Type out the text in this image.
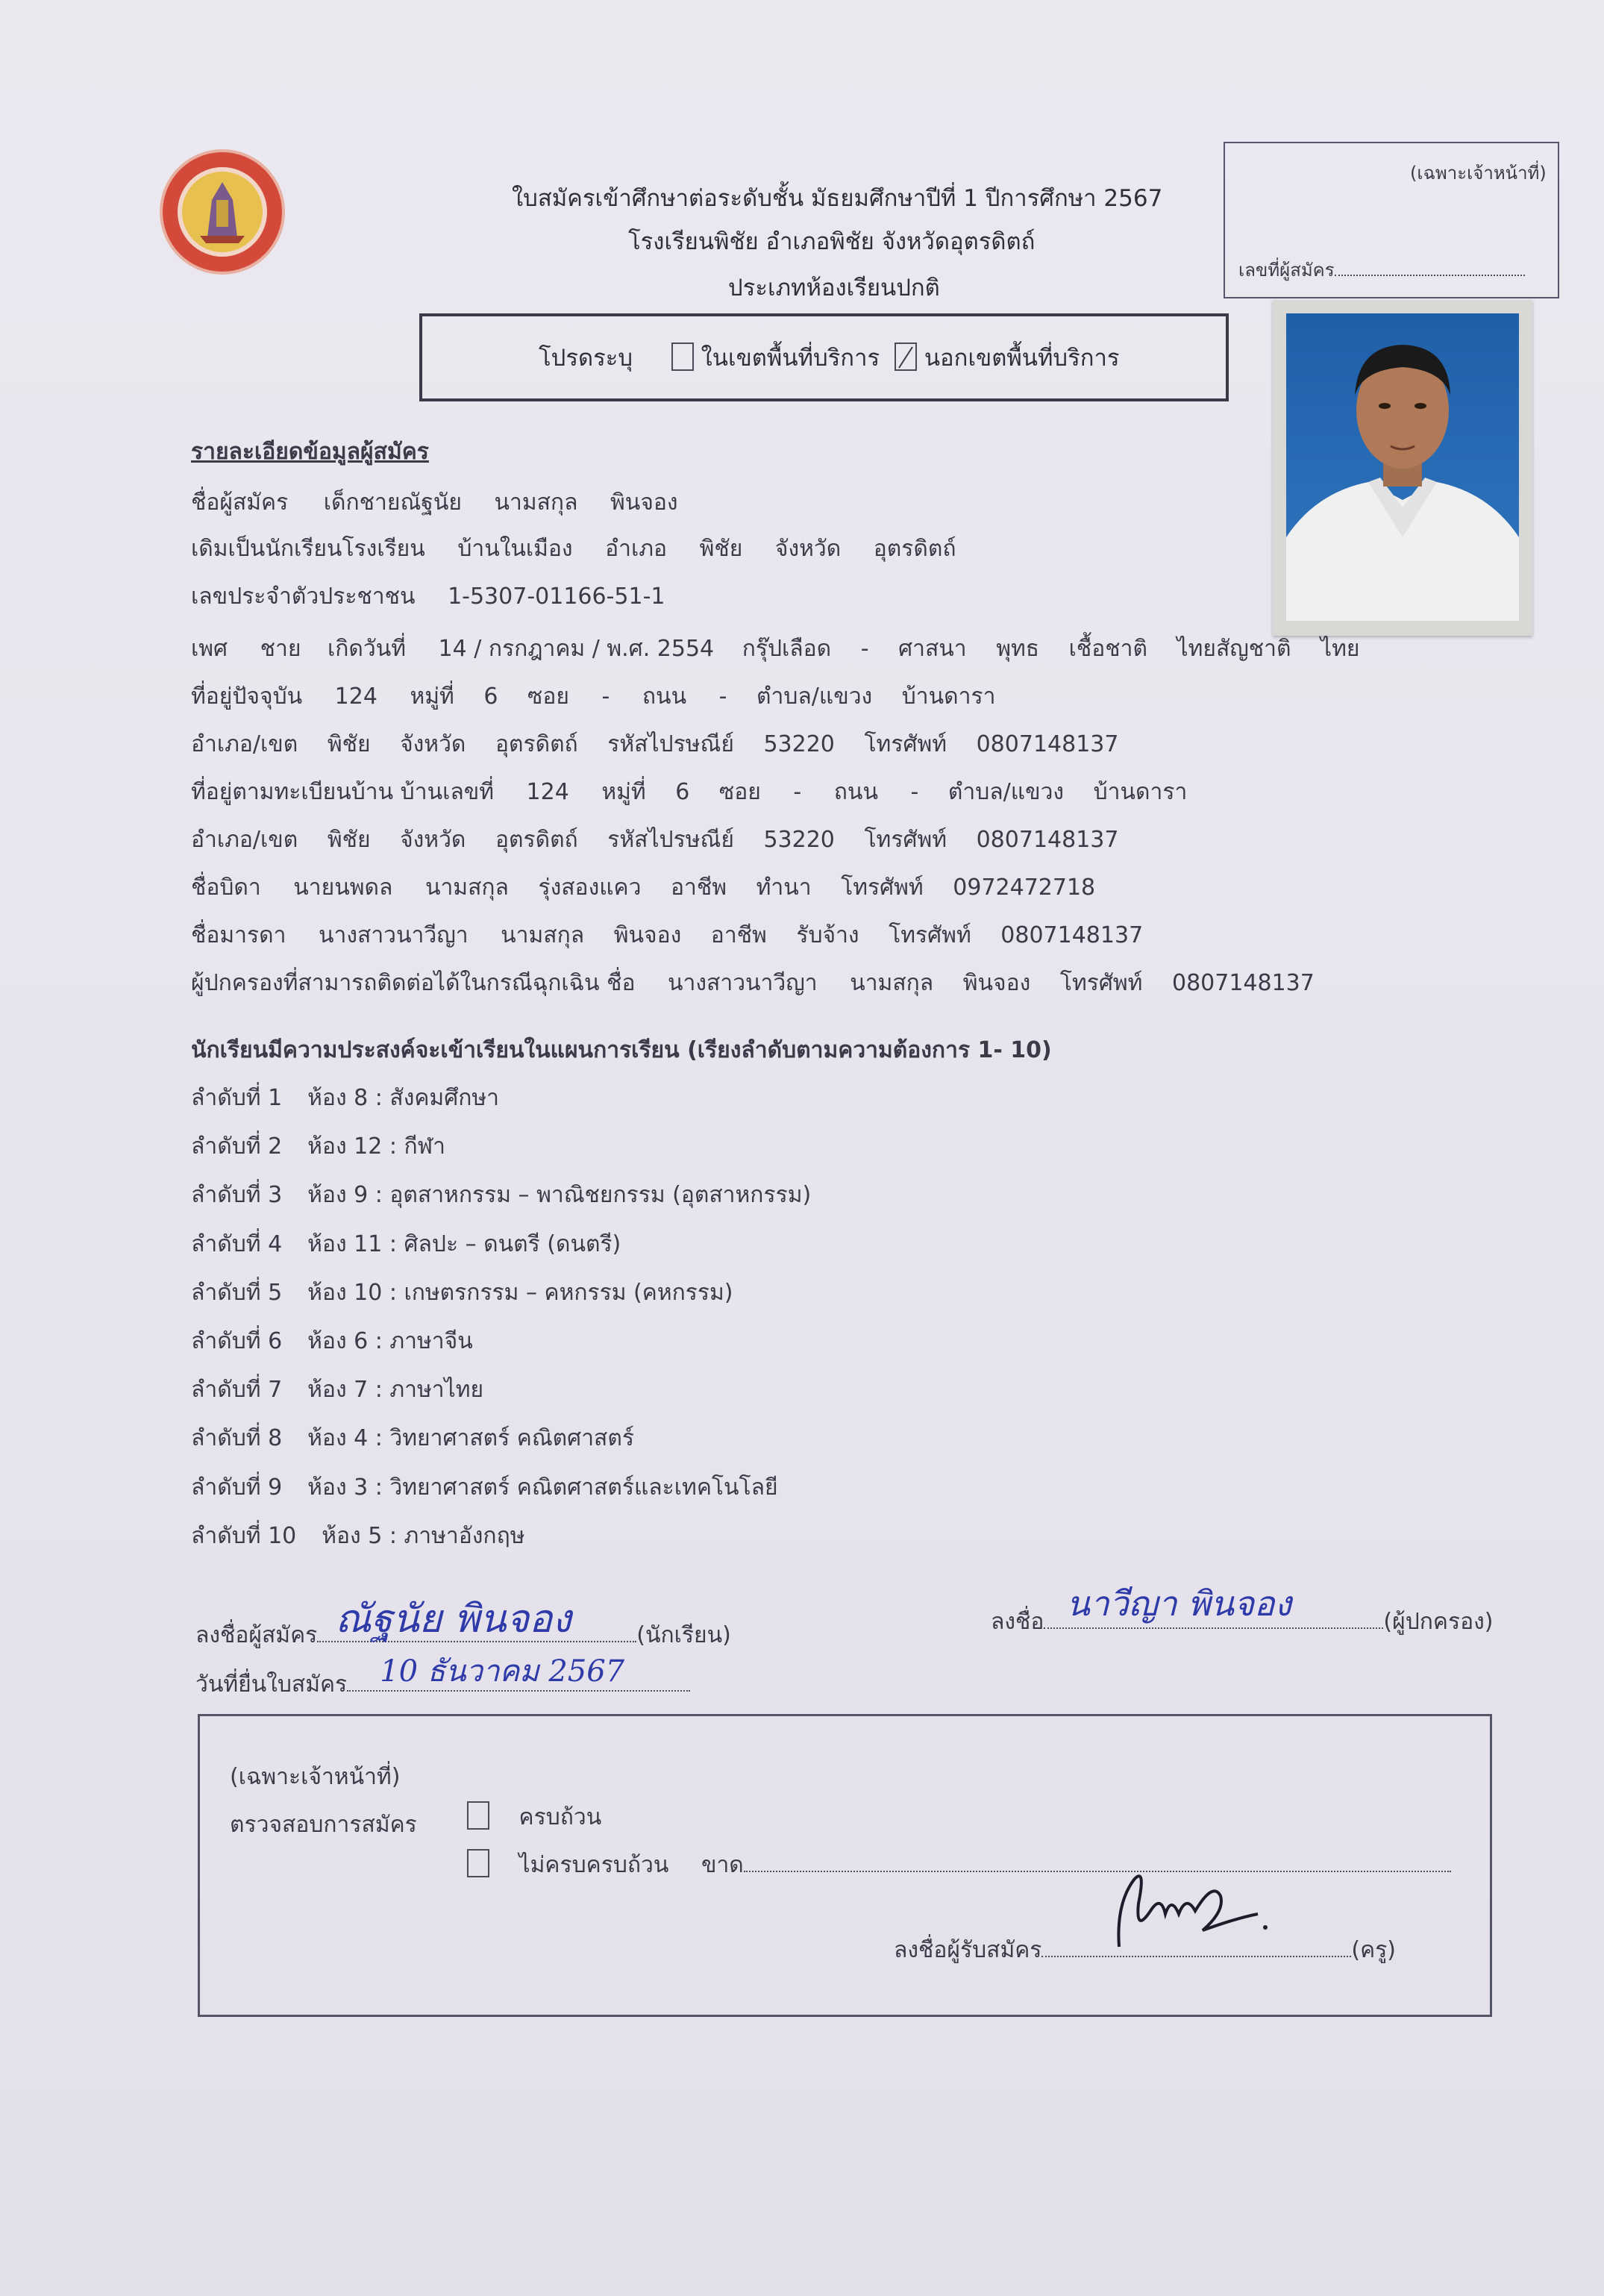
ใบสมัครเข้าศึกษาต่อระดับชั้น มัธยมศึกษาปีที่ 1 ปีการศึกษา 2567
โรงเรียนพิชัย อำเภอพิชัย จังหวัดอุตรดิตถ์
ประเภทห้องเรียนปกติ
(เฉพาะเจ้าหน้าที่)
เลขที่ผู้สมัคร
โปรดระบุ	ในเขตพื้นที่บริการ นอกเขตพื้นที่บริการ
รายละเอียดข้อมูลผู้สมัคร
ชื่อผู้สมัคร เด็กชายณัฐนัย นามสกุล พินจอง
เดิมเป็นนักเรียนโรงเรียน บ้านในเมือง อำเภอ พิชัย จังหวัด อุตรดิตถ์
เลขประจำตัวประชาชน 1-5307-01166-51-1
เพศ ชาย เกิดวันที่ 14 / กรกฎาคม / พ.ศ. 2554 กรุ๊ปเลือด - ศาสนา พุทธ เชื้อชาติ ไทยสัญชาติ ไทย
ที่อยู่ปัจจุบัน 124 หมู่ที่ 6 ซอย - ถนน - ตำบล/แขวง บ้านดารา
อำเภอ/เขต พิชัย จังหวัด อุตรดิตถ์ รหัสไปรษณีย์ 53220 โทรศัพท์ 0807148137
ที่อยู่ตามทะเบียนบ้าน บ้านเลขที่ 124 หมู่ที่ 6 ซอย - ถนน - ตำบล/แขวง บ้านดารา
อำเภอ/เขต พิชัย จังหวัด อุตรดิตถ์ รหัสไปรษณีย์ 53220 โทรศัพท์ 0807148137
ชื่อบิดา นายนพดล นามสกุล รุ่งสองแคว อาชีพ ทำนา โทรศัพท์ 0972472718
ชื่อมารดา นางสาวนาวีญา นามสกุล พินจอง อาชีพ รับจ้าง โทรศัพท์ 0807148137
ผู้ปกครองที่สามารถติดต่อได้ในกรณีฉุกเฉิน ชื่อ นางสาวนาวีญา นามสกุล พินจอง โทรศัพท์ 0807148137
นักเรียนมีความประสงค์จะเข้าเรียนในแผนการเรียน (เรียงลำดับตามความต้องการ 1- 10)
ลำดับที่ 1 ห้อง 8 : สังคมศึกษา
ลำดับที่ 2 ห้อง 12 : กีฬา
ลำดับที่ 3 ห้อง 9 : อุตสาหกรรม – พาณิชยกรรม (อุตสาหกรรม)
ลำดับที่ 4 ห้อง 11 : ศิลปะ – ดนตรี (ดนตรี)
ลำดับที่ 5 ห้อง 10 : เกษตรกรรม – คหกรรม (คหกรรม)
ลำดับที่ 6 ห้อง 6 : ภาษาจีน
ลำดับที่ 7 ห้อง 7 : ภาษาไทย
ลำดับที่ 8 ห้อง 4 : วิทยาศาสตร์ คณิตศาสตร์
ลำดับที่ 9 ห้อง 3 : วิทยาศาสตร์ คณิตศาสตร์และเทคโนโลยี
ลำดับที่ 10 ห้อง 5 : ภาษาอังกฤษ
ลงชื่อผู้สมัคร ณัฐนัย พินจอง	(นักเรียน)
วันที่ยื่นใบสมัคร 10 ธันวาคม 2567
ลงชื่อ นาวีญา พินจอง	(ผู้ปกครอง)
(เฉพาะเจ้าหน้าที่)
ตรวจสอบการสมัคร	ครบถ้วน
ไม่ครบครบถ้วน ขาด
ลงชื่อผู้รับสมัคร	(ครู)
